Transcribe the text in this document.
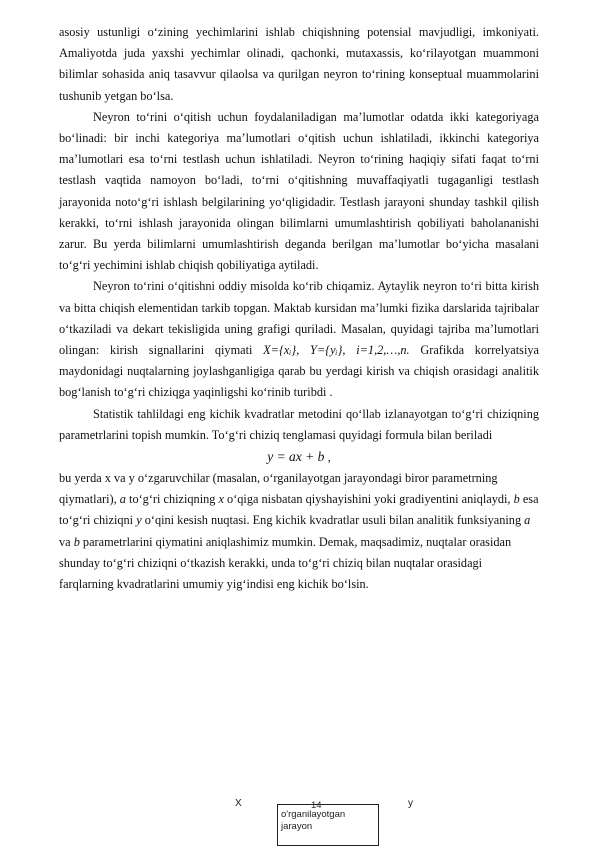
asosiy ustunligi o‘zining yechimlarini ishlab chiqishning potensial mavjudligi, imkoniyati. Amaliyotda juda yaxshi yechimlar olinadi, qachonki, mutaxassis, ko‘rilayotgan muammoni bilimlar sohasida aniq tasavvur qilaolsa va qurilgan neyron to‘rining konseptual muammolarini tushunib yetgan bo‘lsa.

Neyron to‘rini o‘qitish uchun foydalaniladigan ma’lumotlar odatda ikki kategoriyaga bo‘linadi: bir inchi kategoriya ma’lumotlari o‘qitish uchun ishlatiladi, ikkinchi kategoriya ma’lumotlari esa to‘rni testlash uchun ishlatiladi. Neyron to‘rining haqiqiy sifati faqat to‘rni testlash vaqtida namoyon bo‘ladi, to‘rni o‘qitishning muvaffaqiyatli tugaganligi testlash jarayonida noto‘g‘ri ishlash belgilarining yo‘qligidadir. Testlash jarayoni shunday tashkil qilish kerakki, to‘rni ishlash jarayonida olingan bilimlarni umumlashtirish qobiliyati baholananishi zarur. Bu yerda bilimlarni umumlashtirish deganda berilgan ma’lumotlar bo‘yicha masalani to‘g‘ri yechimini ishlab chiqish qobiliyatiga aytiladi.

Neyron to‘rini o‘qitishni oddiy misolda ko‘rib chiqamiz. Aytaylik neyron to‘ri bitta kirish va bitta chiqish elementidan tarkib topgan. Maktab kursidan ma’lumki fizika darslarida tajribalar o‘tkaziladi va dekart tekisligida uning grafigi quriladi. Masalan, quyidagi tajriba ma’lumotlari olingan: kirish signallarini qiymati X={xᵢ}, Y={yᵢ}, i=1,2,…,n. Grafikda korrelyatsiya maydonidagi nuqtalarning joylashganligiga qarab bu yerdagi kirish va chiqish orasidagi analitik bog‘lanish to‘g‘ri chiziqga yaqinligshi ko‘rinib turibdi .

Statistik tahlildagi eng kichik kvadratlar metodini qo‘llab izlanayotgan to‘g‘ri chiziqning parametrlarini topish mumkin. To‘g‘ri chiziq tenglamasi quyidagi formula bilan beriladi

y = ax + b ,

bu yerda x va y o‘zgaruvchilar (masalan, o‘rganilayotgan jarayondagi biror parametrning qiymatlari), a to‘g‘ri chiziqning x o‘qiga nisbatan qiyshayishini yoki gradiyentini aniqlaydi, b esa to‘g‘ri chiziqni y o‘qini kesish nuqtasi. Eng kichik kvadratlar usuli bilan analitik funksiyaning a va b parametrlarini qiymatini aniqlashimiz mumkin. Demak, maqsadimiz, nuqtalar orasidan shunday to‘g‘ri chiziqni o‘tkazish kerakki, unda to‘g‘ri chiziq bilan nuqtalar orasidagi farqlarning kvadratlarini umumiy yig‘indisi eng kichik bo‘lsin.

X	y
14
o'rganilayotgan jarayon
